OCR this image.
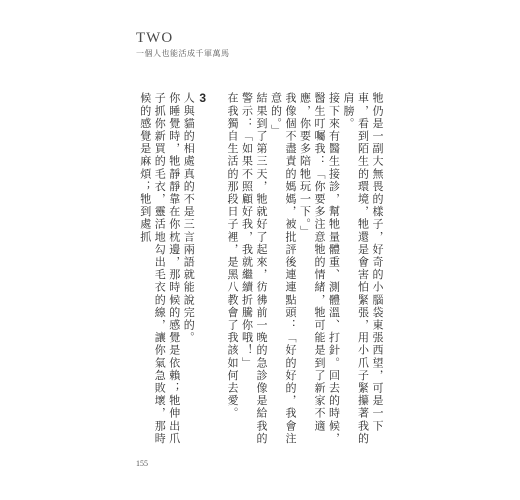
TWO
一個人也能活成千軍萬馬

牠仍是一副大無畏的樣子，好奇的小腦袋東張西望，可是一下車，看到陌生的環境，牠還是會害怕緊張，用小爪子緊攥著我的肩膀。

接下來有醫生接診，幫牠量體重、測體溫、打針。回去的時候，醫生叮囑我：「你要多注意牠的情緒，牠可能是到了新家不適應，你要多陪牠玩一下。」

我像個不盡責的媽媽，被批評後連連點頭：「好的好的，我會注意的。」

結果到了第三天，牠就好了起來，彷彿前一晚的急診像是給我的警示：「如果不照顧好我，我就繼續折騰你哦！」

在我獨自生活的那段日子裡，是黑八教會了我該如何去愛。

3

人與貓的相處真的不是三言兩語就能說完的。

你睡覺時，牠靜靜靠在你枕邊，那時候的感覺是依賴；牠伸出爪子抓你新買的毛衣，靈活地勾出毛衣的線，讓你氣急敗壞，那時候的感覺是麻煩；牠到處抓

155
